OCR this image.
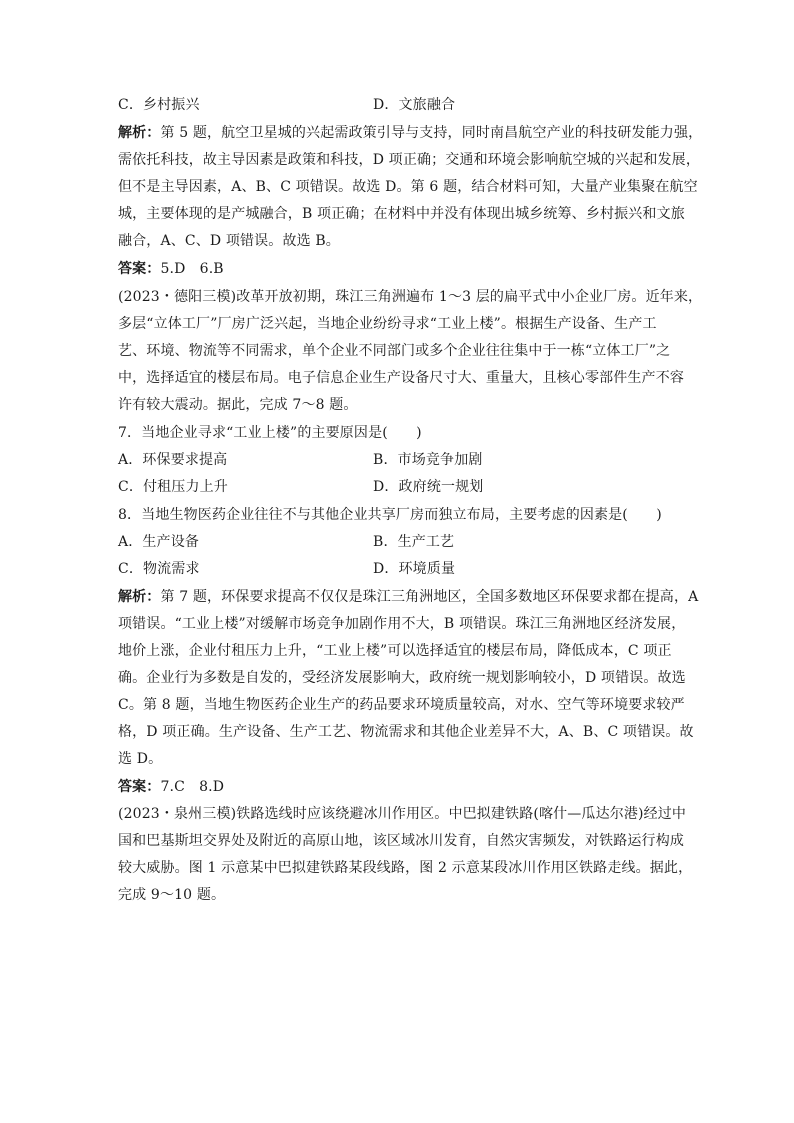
C．乡村振兴	D．文旅融合
解析：第 5 题，航空卫星城的兴起需政策引导与支持，同时南昌航空产业的科技研发能力强，
需依托科技，故主导因素是政策和科技，D 项正确；交通和环境会影响航空城的兴起和发展，
但不是主导因素，A、B、C 项错误。故选 D。第 6 题，结合材料可知，大量产业集聚在航空
城，主要体现的是产城融合，B 项正确；在材料中并没有体现出城乡统筹、乡村振兴和文旅
融合，A、C、D 项错误。故选 B。
答案：5.D　6.B
(2023・德阳三模)改革开放初期，珠江三角洲遍布 1～3 层的扁平式中小企业厂房。近年来，
多层“立体工厂”厂房广泛兴起，当地企业纷纷寻求“工业上楼”。根据生产设备、生产工
艺、环境、物流等不同需求，单个企业不同部门或多个企业往往集中于一栋“立体工厂”之
中，选择适宜的楼层布局。电子信息企业生产设备尺寸大、重量大，且核心零部件生产不容
许有较大震动。据此，完成 7～8 题。
7．当地企业寻求“工业上楼”的主要原因是(　　)
A．环保要求提高	B．市场竞争加剧
C．付租压力上升	D．政府统一规划
8．当地生物医药企业往往不与其他企业共享厂房而独立布局，主要考虑的因素是(　　)
A．生产设备	B．生产工艺
C．物流需求	D．环境质量
解析：第 7 题，环保要求提高不仅仅是珠江三角洲地区，全国多数地区环保要求都在提高，A
项错误。“工业上楼”对缓解市场竞争加剧作用不大，B 项错误。珠江三角洲地区经济发展，
地价上涨，企业付租压力上升，“工业上楼”可以选择适宜的楼层布局，降低成本，C 项正
确。企业行为多数是自发的，受经济发展影响大，政府统一规划影响较小，D 项错误。故选
C。第 8 题，当地生物医药企业生产的药品要求环境质量较高，对水、空气等环境要求较严
格，D 项正确。生产设备、生产工艺、物流需求和其他企业差异不大，A、B、C 项错误。故
选 D。
答案：7.C　8.D
(2023・泉州三模)铁路选线时应该绕避冰川作用区。中巴拟建铁路(喀什—瓜达尔港)经过中
国和巴基斯坦交界处及附近的高原山地，该区域冰川发育，自然灾害频发，对铁路运行构成
较大威胁。图 1 示意某中巴拟建铁路某段线路，图 2 示意某段冰川作用区铁路走线。据此，
完成 9～10 题。
